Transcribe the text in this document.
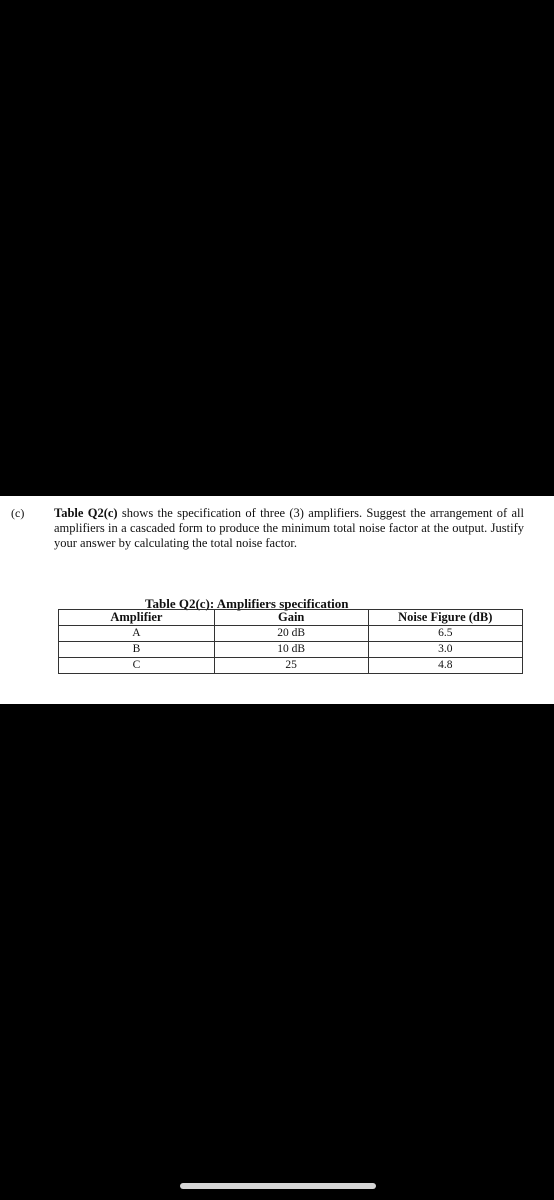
(c) Table Q2(c) shows the specification of three (3) amplifiers. Suggest the arrangement of all amplifiers in a cascaded form to produce the minimum total noise factor at the output. Justify your answer by calculating the total noise factor.
Table Q2(c): Amplifiers specification
Amplifier	Gain	Noise Figure (dB)
A	20 dB	6.5
B	10 dB	3.0
C	25	4.8
